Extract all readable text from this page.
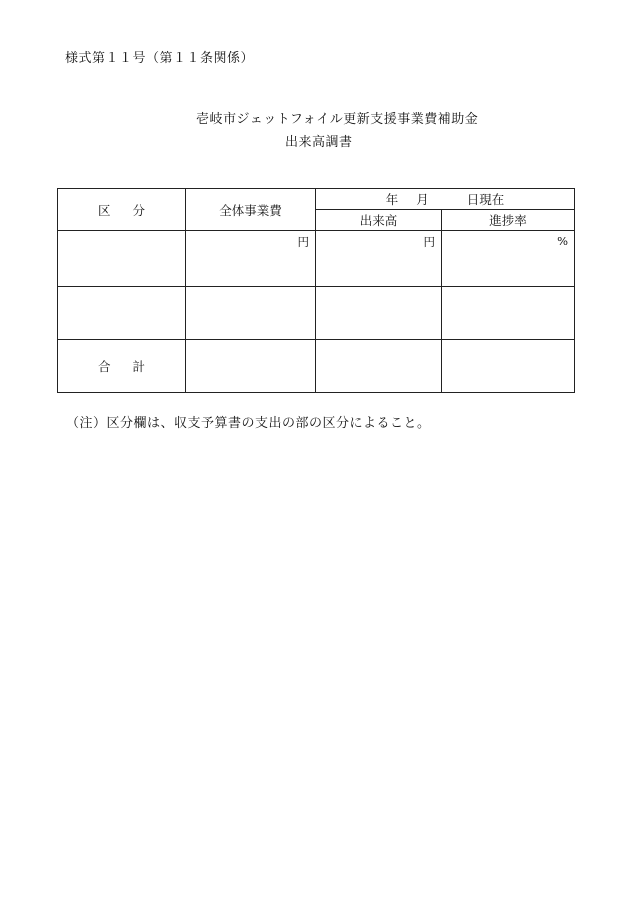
様式第１１号（第１１条関係）
壱岐市ジェットフォイル更新支援事業費補助金
出来高調書
区 分	全体事業費	年 月 日現在	
		出来高	進捗率
	円	円	%

合 計			
（注）区分欄は、収支予算書の支出の部の区分によること。
